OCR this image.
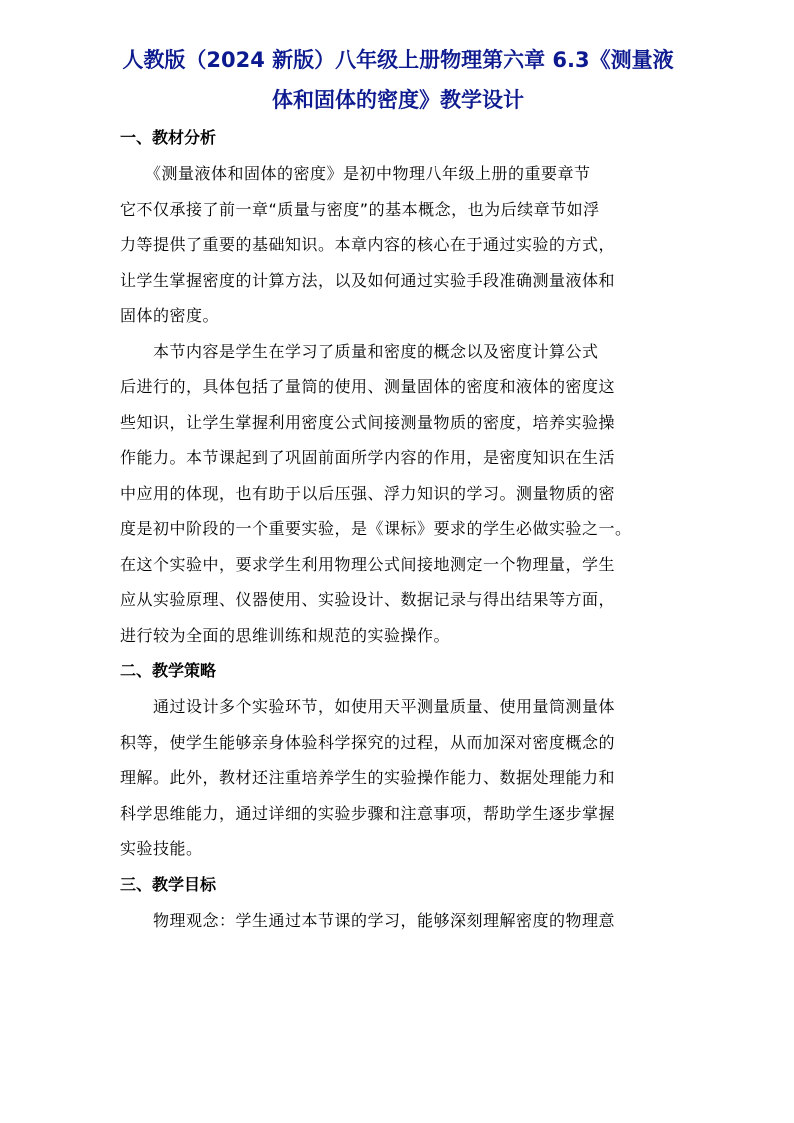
人教版（2024 新版）八年级上册物理第六章 6.3《测量液
体和固体的密度》教学设计
一、教材分析

　　《测量液体和固体的密度》是初中物理八年级上册的重要章节
它不仅承接了前一章“质量与密度”的基本概念，也为后续章节如浮
力等提供了重要的基础知识。本章内容的核心在于通过实验的方式，
让学生掌握密度的计算方法，以及如何通过实验手段准确测量液体和
固体的密度。

　　本节内容是学生在学习了质量和密度的概念以及密度计算公式
后进行的，具体包括了量筒的使用、测量固体的密度和液体的密度这
些知识，让学生掌握利用密度公式间接测量物质的密度，培养实验操
作能力。本节课起到了巩固前面所学内容的作用，是密度知识在生活
中应用的体现，也有助于以后压强、浮力知识的学习。测量物质的密
度是初中阶段的一个重要实验，是《课标》要求的学生必做实验之一。
在这个实验中，要求学生利用物理公式间接地测定一个物理量，学生
应从实验原理、仪器使用、实验设计、数据记录与得出结果等方面，
进行较为全面的思维训练和规范的实验操作。

二、教学策略

　　通过设计多个实验环节，如使用天平测量质量、使用量筒测量体
积等，使学生能够亲身体验科学探究的过程，从而加深对密度概念的
理解。此外，教材还注重培养学生的实验操作能力、数据处理能力和
科学思维能力，通过详细的实验步骤和注意事项，帮助学生逐步掌握
实验技能。

三、教学目标

　　物理观念：学生通过本节课的学习，能够深刻理解密度的物理意
